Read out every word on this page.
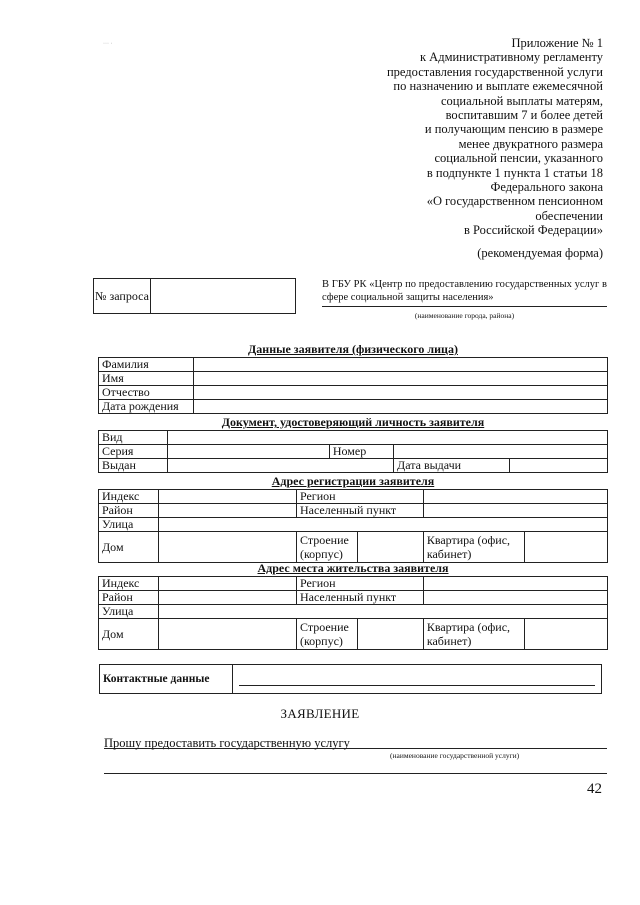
Приложение № 1
к Административному регламенту
предоставления государственной услуги
по назначению и выплате ежемесячной
социальной выплаты матерям,
воспитавшим 7 и более детей
и получающим пенсию в размере
менее двукратного размера
социальной пенсии, указанного
в подпункте 1 пункта 1 статьи 18
Федерального закона
«О государственном пенсионном
обеспечении
в Российской Федерации»
(рекомендуемая форма)
··· ·
№ запроса	
В ГБУ РК «Центр по предоставлению государственных услуг в сфере социальной защиты населения»
(наименование города, района)
Данные заявителя (физического лица)
Фамилия	
Имя	
Отчество	
Дата рождения	
Документ, удостоверяющий личность заявителя
Вид				
Серия		Номер		
Выдан			Дата выдачи	
Адрес регистрации заявителя
Индекс		Регион			
Район		Населенный пункт			
Улица					
Дом		Строение (корпус)		Квартира (офис, кабинет)	
Адрес места жительства заявителя
Индекс		Регион			
Район		Населенный пункт			
Улица					
Дом		Строение (корпус)		Квартира (офис, кабинет)	
Контактные данные	
ЗАЯВЛЕНИЕ
Прошу предоставить государственную услугу
(наименование государственной услуги)
42
